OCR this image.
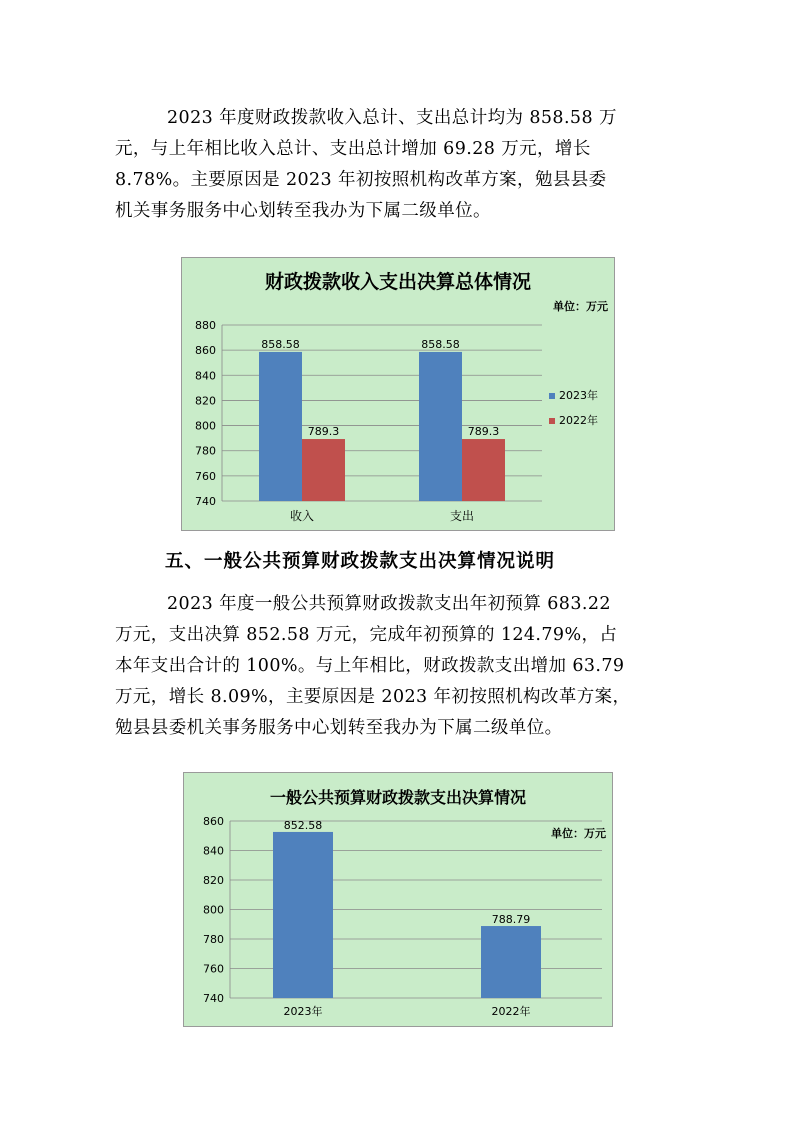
2023 年度财政拨款收入总计、支出总计均为 858.58 万
元，与上年相比收入总计、支出总计增加 69.28 万元，增长
8.78%。主要原因是 2023 年初按照机构改革方案，勉县县委
机关事务服务中心划转至我办为下属二级单位。
财政拨款收入支出决算总体情况
单位：万元
740
760
780
800
820
840
860
880
858.58
789.3
858.58
789.3
收入	支出
2023年
2022年
五、一般公共预算财政拨款支出决算情况说明
2023 年度一般公共预算财政拨款支出年初预算 683.22
万元，支出决算 852.58 万元，完成年初预算的 124.79%，占
本年支出合计的 100%。与上年相比，财政拨款支出增加 63.79
万元，增长 8.09%，主要原因是 2023 年初按照机构改革方案，
勉县县委机关事务服务中心划转至我办为下属二级单位。
一般公共预算财政拨款支出决算情况
单位：万元
740
760
780
800
820
840
860	852.58
788.79
2023年	2022年
